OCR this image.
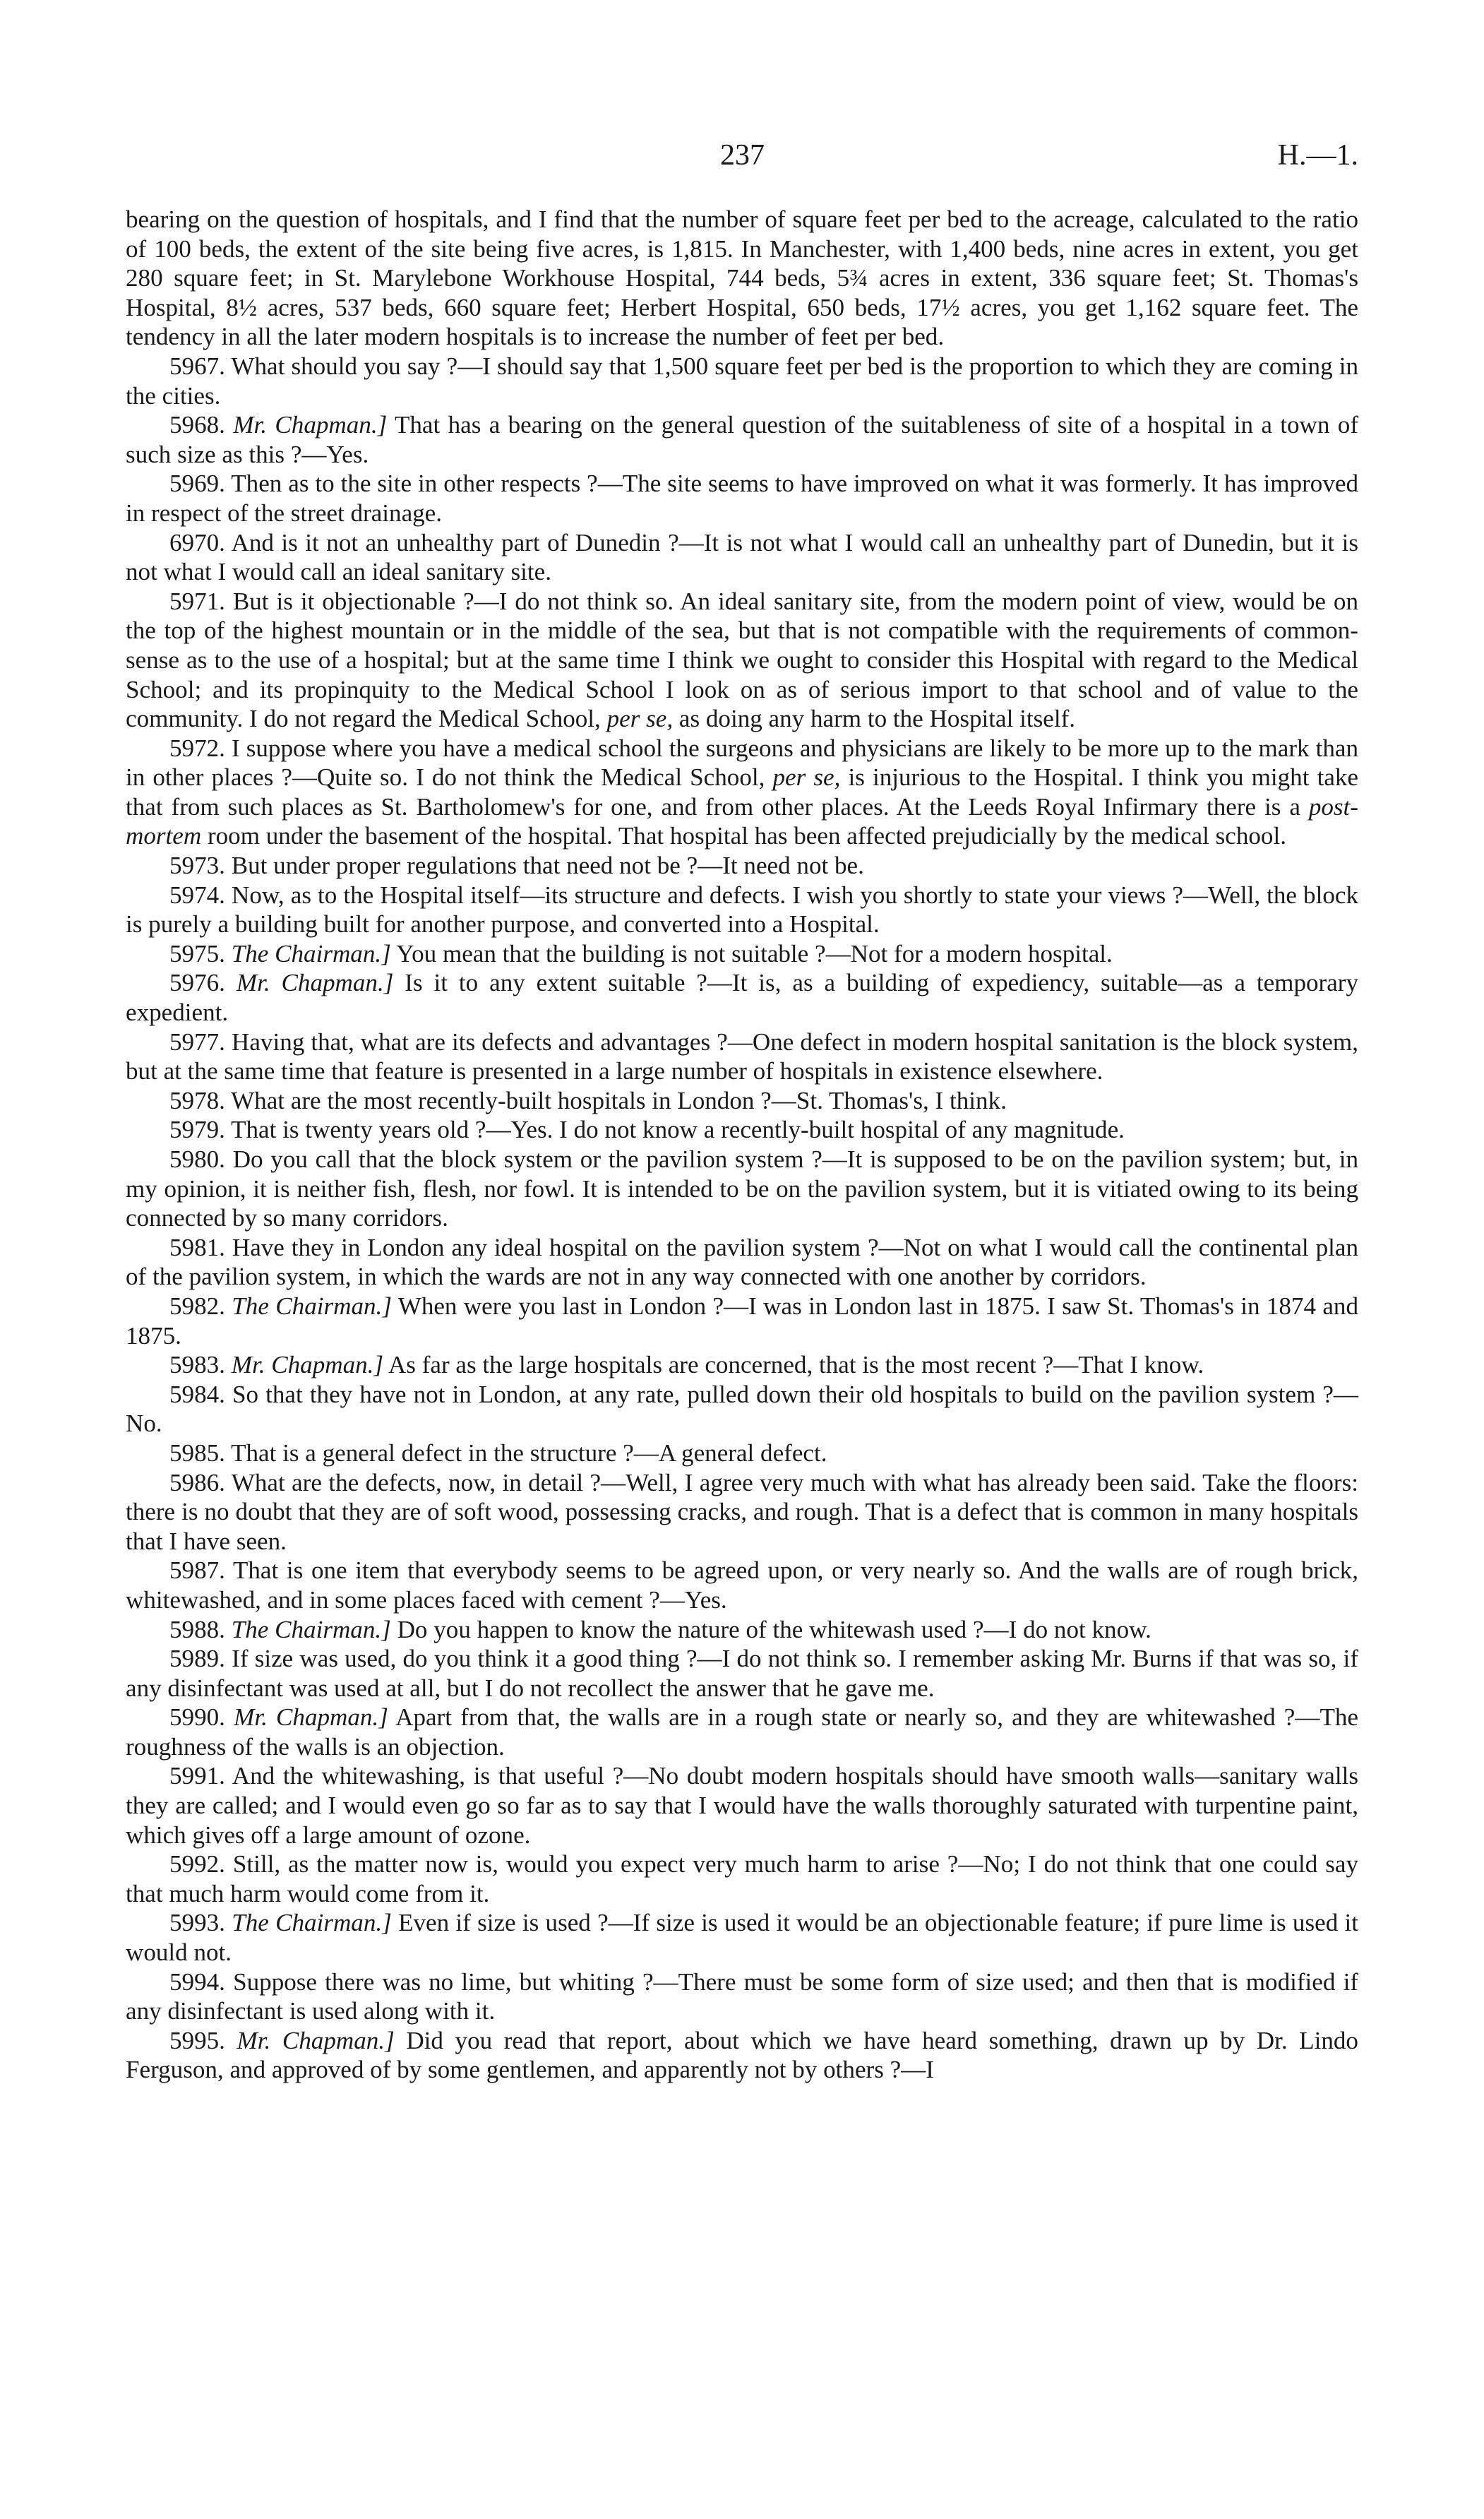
237	H.—1.

bearing on the question of hospitals, and I find that the number of square feet per bed to the acreage, calculated to the ratio of 100 beds, the extent of the site being five acres, is 1,815. In Manchester, with 1,400 beds, nine acres in extent, you get 280 square feet; in St. Marylebone Workhouse Hospital, 744 beds, 5¾ acres in extent, 336 square feet; St. Thomas's Hospital, 8½ acres, 537 beds, 660 square feet; Herbert Hospital, 650 beds, 17½ acres, you get 1,162 square feet. The tendency in all the later modern hospitals is to increase the number of feet per bed.

5967. What should you say ?—I should say that 1,500 square feet per bed is the proportion to which they are coming in the cities.

5968. Mr. Chapman.] That has a bearing on the general question of the suitableness of site of a hospital in a town of such size as this ?—Yes.

5969. Then as to the site in other respects ?—The site seems to have improved on what it was formerly. It has improved in respect of the street drainage.

6970. And is it not an unhealthy part of Dunedin ?—It is not what I would call an unhealthy part of Dunedin, but it is not what I would call an ideal sanitary site.

5971. But is it objectionable ?—I do not think so. An ideal sanitary site, from the modern point of view, would be on the top of the highest mountain or in the middle of the sea, but that is not compatible with the requirements of common-sense as to the use of a hospital; but at the same time I think we ought to consider this Hospital with regard to the Medical School; and its propinquity to the Medical School I look on as of serious import to that school and of value to the community. I do not regard the Medical School, per se, as doing any harm to the Hospital itself.

5972. I suppose where you have a medical school the surgeons and physicians are likely to be more up to the mark than in other places ?—Quite so. I do not think the Medical School, per se, is injurious to the Hospital. I think you might take that from such places as St. Bartholomew's for one, and from other places. At the Leeds Royal Infirmary there is a post-mortem room under the basement of the hospital. That hospital has been affected prejudicially by the medical school.

5973. But under proper regulations that need not be ?—It need not be.

5974. Now, as to the Hospital itself—its structure and defects. I wish you shortly to state your views ?—Well, the block is purely a building built for another purpose, and converted into a Hospital.

5975. The Chairman.] You mean that the building is not suitable ?—Not for a modern hospital.

5976. Mr. Chapman.] Is it to any extent suitable ?—It is, as a building of expediency, suitable—as a temporary expedient.

5977. Having that, what are its defects and advantages ?—One defect in modern hospital sanitation is the block system, but at the same time that feature is presented in a large number of hospitals in existence elsewhere.

5978. What are the most recently-built hospitals in London ?—St. Thomas's, I think.

5979. That is twenty years old ?—Yes. I do not know a recently-built hospital of any magnitude.

5980. Do you call that the block system or the pavilion system ?—It is supposed to be on the pavilion system; but, in my opinion, it is neither fish, flesh, nor fowl. It is intended to be on the pavilion system, but it is vitiated owing to its being connected by so many corridors.

5981. Have they in London any ideal hospital on the pavilion system ?—Not on what I would call the continental plan of the pavilion system, in which the wards are not in any way connected with one another by corridors.

5982. The Chairman.] When were you last in London ?—I was in London last in 1875. I saw St. Thomas's in 1874 and 1875.

5983. Mr. Chapman.] As far as the large hospitals are concerned, that is the most recent ?—That I know.

5984. So that they have not in London, at any rate, pulled down their old hospitals to build on the pavilion system ?—No.

5985. That is a general defect in the structure ?—A general defect.

5986. What are the defects, now, in detail ?—Well, I agree very much with what has already been said. Take the floors: there is no doubt that they are of soft wood, possessing cracks, and rough. That is a defect that is common in many hospitals that I have seen.

5987. That is one item that everybody seems to be agreed upon, or very nearly so. And the walls are of rough brick, whitewashed, and in some places faced with cement ?—Yes.

5988. The Chairman.] Do you happen to know the nature of the whitewash used ?—I do not know.

5989. If size was used, do you think it a good thing ?—I do not think so. I remember asking Mr. Burns if that was so, if any disinfectant was used at all, but I do not recollect the answer that he gave me.

5990. Mr. Chapman.] Apart from that, the walls are in a rough state or nearly so, and they are whitewashed ?—The roughness of the walls is an objection.

5991. And the whitewashing, is that useful ?—No doubt modern hospitals should have smooth walls—sanitary walls they are called; and I would even go so far as to say that I would have the walls thoroughly saturated with turpentine paint, which gives off a large amount of ozone.

5992. Still, as the matter now is, would you expect very much harm to arise ?—No; I do not think that one could say that much harm would come from it.

5993. The Chairman.] Even if size is used ?—If size is used it would be an objectionable feature; if pure lime is used it would not.

5994. Suppose there was no lime, but whiting ?—There must be some form of size used; and then that is modified if any disinfectant is used along with it.

5995. Mr. Chapman.] Did you read that report, about which we have heard something, drawn up by Dr. Lindo Ferguson, and approved of by some gentlemen, and apparently not by others ?—I
